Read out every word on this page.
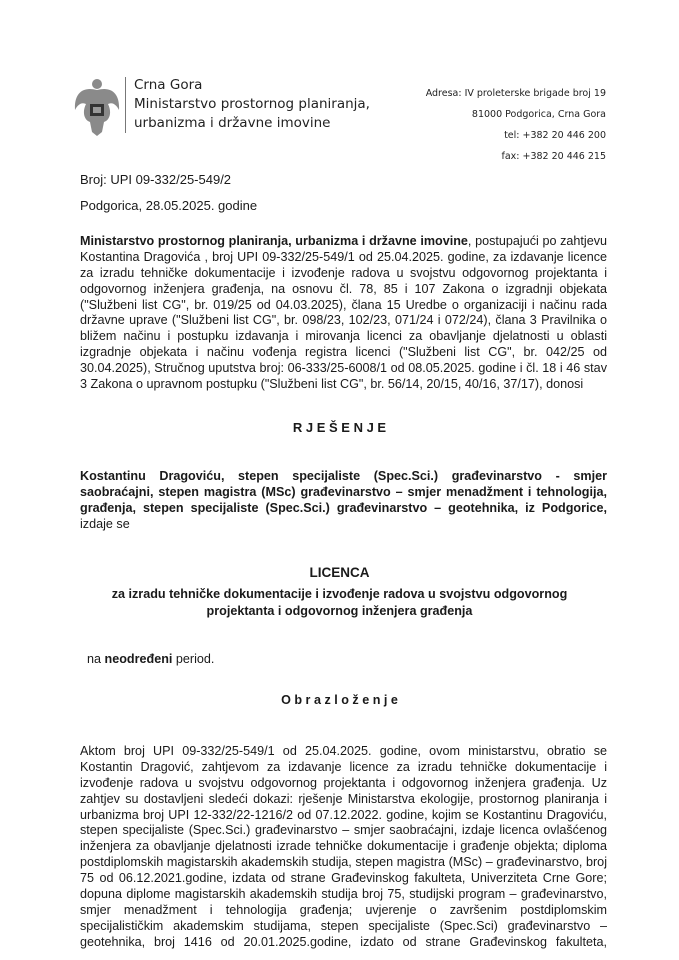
Crna Gora
Ministarstvo prostornog planiranja,
urbanizma i državne imovine
Adresa: IV proleterske brigade broj 19
81000 Podgorica, Crna Gora
tel: +382 20 446 200
fax: +382 20 446 215
Broj: UPI 09-332/25-549/2
Podgorica, 28.05.2025. godine
Ministarstvo prostornog planiranja, urbanizma i državne imovine, postupajući po zahtjevu
Kostantina Dragovića , broj UPI 09-332/25-549/1 od 25.04.2025. godine, za izdavanje licence
za izradu tehničke dokumentacije i izvođenje radova u svojstvu odgovornog projektanta i
odgovornog inženjera građenja, na osnovu čl. 78, 85 i 107 Zakona o izgradnji objekata
("Službeni list CG", br. 019/25 od 04.03.2025), člana 15 Uredbe o organizaciji i načinu rada
državne uprave ("Službeni list CG", br. 098/23, 102/23, 071/24 i 072/24), člana 3 Pravilnika o
bližem načinu i postupku izdavanja i mirovanja licenci za obavljanje djelatnosti u oblasti
izgradnje objekata i načinu vođenja registra licenci ("Službeni list CG", br. 042/25 od
30.04.2025), Stručnog uputstva broj: 06-333/25-6008/1 od 08.05.2025. godine i čl. 18 i 46 stav
3 Zakona o upravnom postupku ("Službeni list CG", br. 56/14, 20/15, 40/16, 37/17), donosi
R J E Š E N J E
Kostantinu Dragoviću, stepen specijaliste (Spec.Sci.) građevinarstvo - smjer
saobraćajni, stepen magistra (MSc) građevinarstvo – smjer menadžment i tehnologija,
građenja, stepen specijaliste (Spec.Sci.) građevinarstvo – geotehnika, iz Podgorice,
izdaje se
LICENCA
za izradu tehničke dokumentacije i izvođenje radova u svojstvu odgovornog
projektanta i odgovornog inženjera građenja
na neodređeni period.
O b r a z l o ž e n j e
Aktom broj UPI 09-332/25-549/1 od 25.04.2025. godine, ovom ministarstvu, obratio se
Kostantin Dragović, zahtjevom za izdavanje licence za izradu tehničke dokumentacije i
izvođenje radova u svojstvu odgovornog projektanta i odgovornog inženjera građenja. Uz
zahtjev su dostavljeni sledeći dokazi: rješenje Ministarstva ekologije, prostornog planiranja i
urbanizma broj UPI 12-332/22-1216/2 od 07.12.2022. godine, kojim se Kostantinu Dragoviću,
stepen specijaliste (Spec.Sci.) građevinarstvo – smjer saobraćajni, izdaje licenca ovlašćenog
inženjera za obavljanje djelatnosti izrade tehničke dokumentacije i građenje objekta; diploma
postdiplomskih magistarskih akademskih studija, stepen magistra (MSc) – građevinarstvo, broj
75 od 06.12.2021.godine, izdata od strane Građevinskog fakulteta, Univerziteta Crne Gore;
dopuna diplome magistarskih akademskih studija broj 75, studijski program – građevinarstvo,
smjer menadžment i tehnologija građenja; uvjerenje o završenim postdiplomskim
specijalističkim akademskim studijama, stepen specijaliste (Spec.Sci) građevinarstvo –
geotehnika, broj 1416 od 20.01.2025.godine, izdato od strane Građevinskog fakulteta,
